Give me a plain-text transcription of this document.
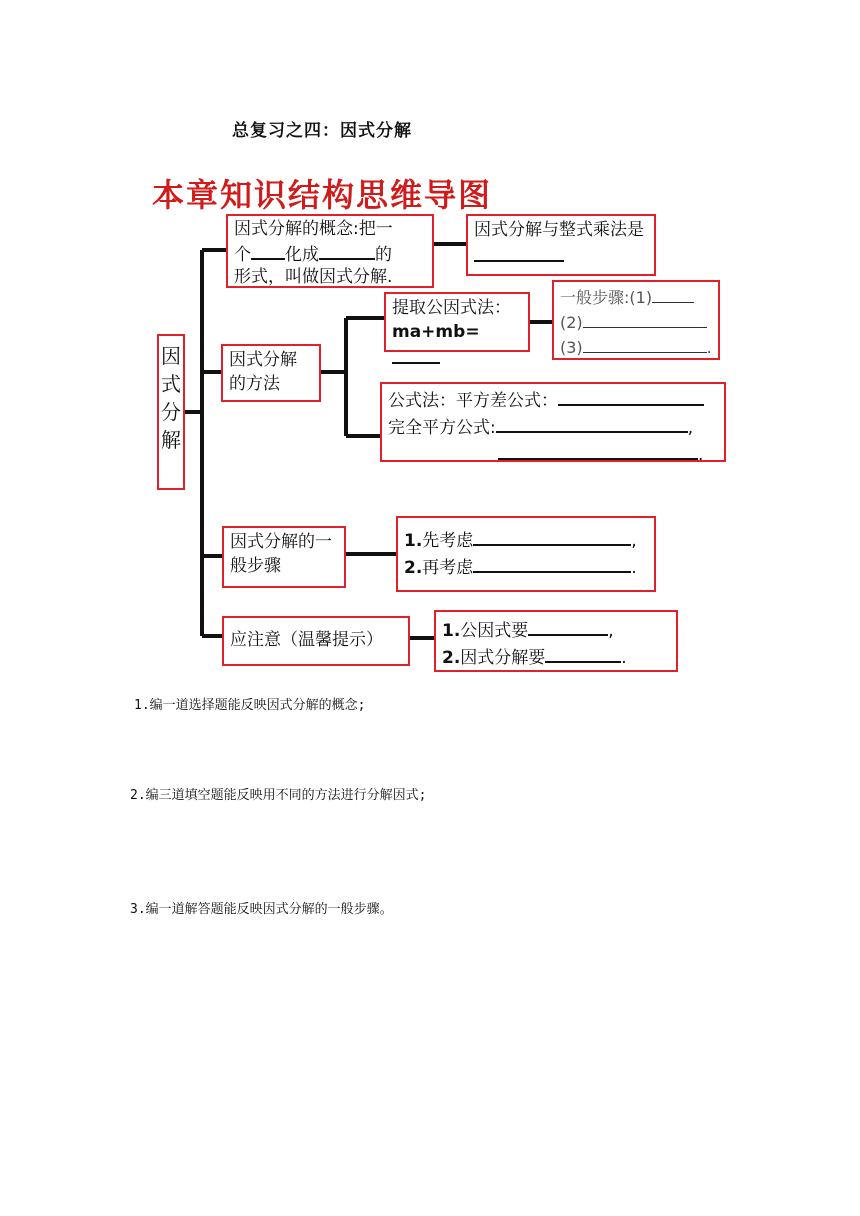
总复习之四：因式分解
本章知识结构思维导图
因
式
分
解
因式分解的概念:把一
个 化成	的
形式，叫做因式分解.
因式分解与整式乘法是
因式分解的方法
提取公因式法：
ma+mb=
一般步骤:(1)
(2)
(3)	.
公式法：平方差公式：
完全平方公式:	,
.
因式分解的一般步骤
1.先考虑	,
2.再考虑	.
应注意（温馨提示）	1.公因式要	,
2.因式分解要	.
1.编一道选择题能反映因式分解的概念;
2.编三道填空题能反映用不同的方法进行分解因式;
3.编一道解答题能反映因式分解的一般步骤。
